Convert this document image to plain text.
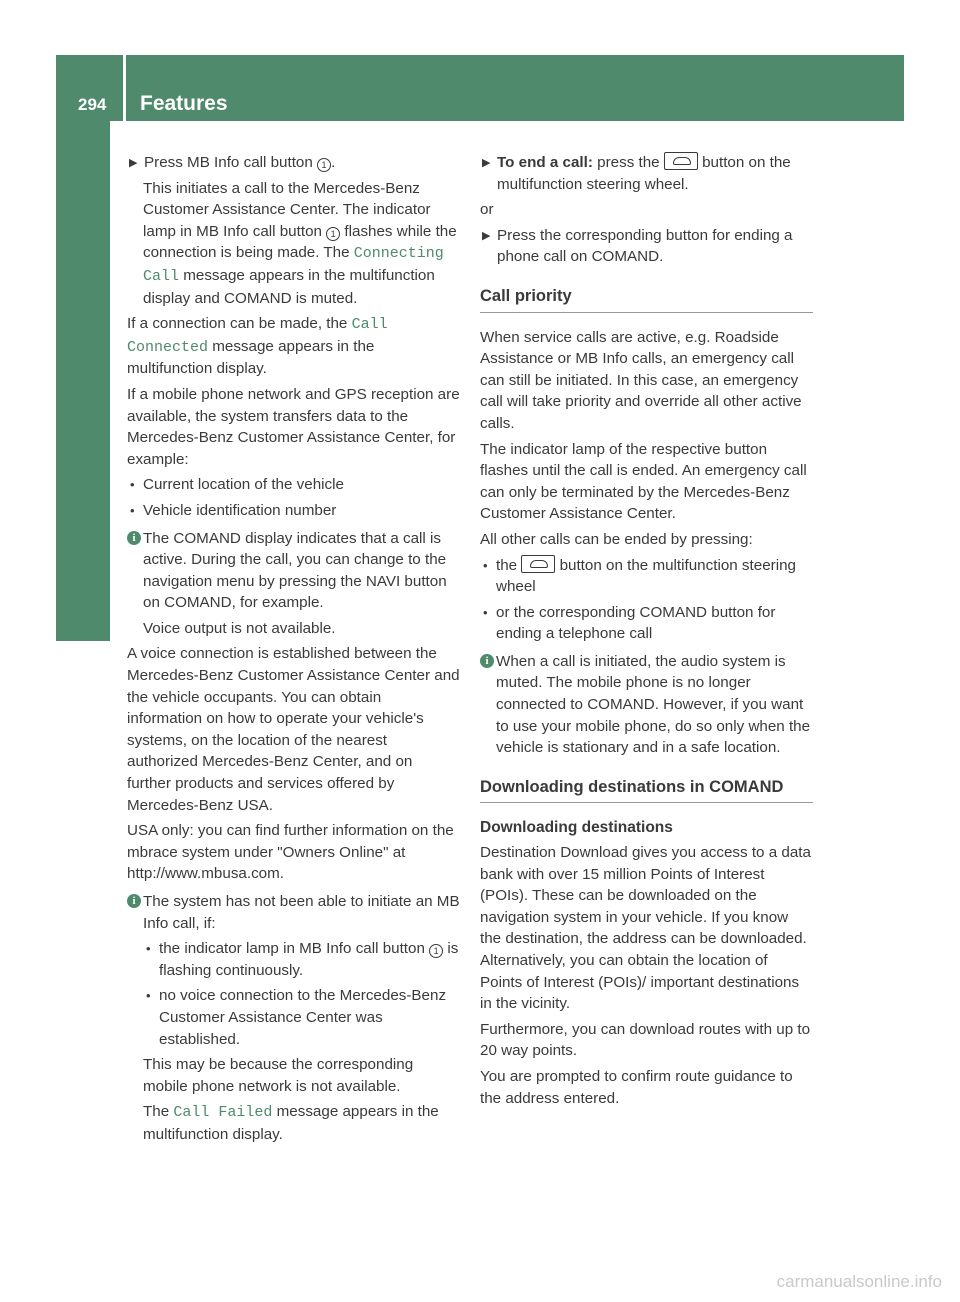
294 Features
Stowage and features
▶ Press MB Info call button 1 .

This initiates a call to the Mercedes-Benz Customer Assistance Center. The indicator lamp in MB Info call button 1 flashes while the connection is being made. The Connecting Call message appears in the multifunction display and COMAND is muted.

If a connection can be made, the Call Connected message appears in the multifunction display.

If a mobile phone network and GPS reception are available, the system transfers data to the Mercedes-Benz Customer Assistance Center, for example:

• Current location of the vehicle
• Vehicle identification number
i The COMAND display indicates that a call is active. During the call, you can change to the navigation menu by pressing the NAVI button on COMAND, for example.

Voice output is not available.

A voice connection is established between the Mercedes-Benz Customer Assistance Center and the vehicle occupants. You can obtain information on how to operate your vehicle's systems, on the location of the nearest authorized Mercedes-Benz Center, and on further products and services offered by Mercedes-Benz USA.

USA only: you can find further information on the mbrace system under "Owners Online" at http://www.mbusa.com.

i The system has not been able to initiate an MB Info call, if:

• the indicator lamp in MB Info call button 1 is flashing continuously.
• no voice connection to the Mercedes-Benz Customer Assistance Center was established.

This may be because the corresponding mobile phone network is not available.

The Call Failed message appears in the multifunction display.

▶ To end a call: press the  button on the multifunction steering wheel.

or

▶ Press the corresponding button for ending a phone call on COMAND.
Call priority

When service calls are active, e.g. Roadside Assistance or MB Info calls, an emergency call can still be initiated. In this case, an emergency call will take priority and override all other active calls.

The indicator lamp of the respective button flashes until the call is ended. An emergency call can only be terminated by the Mercedes-Benz Customer Assistance Center.

All other calls can be ended by pressing:

• the  button on the multifunction steering wheel
• or the corresponding COMAND button for ending a telephone call
i When a call is initiated, the audio system is muted. The mobile phone is no longer connected to COMAND. However, if you want to use your mobile phone, do so only when the vehicle is stationary and in a safe location.

Downloading destinations in COMAND
Downloading destinations

Destination Download gives you access to a data bank with over 15 million Points of Interest (POIs). These can be downloaded on the navigation system in your vehicle. If you know the destination, the address can be downloaded. Alternatively, you can obtain the location of Points of Interest (POIs)/ important destinations in the vicinity.

Furthermore, you can download routes with up to 20 way points.

You are prompted to confirm route guidance to the address entered.

carmanualsonline.info
